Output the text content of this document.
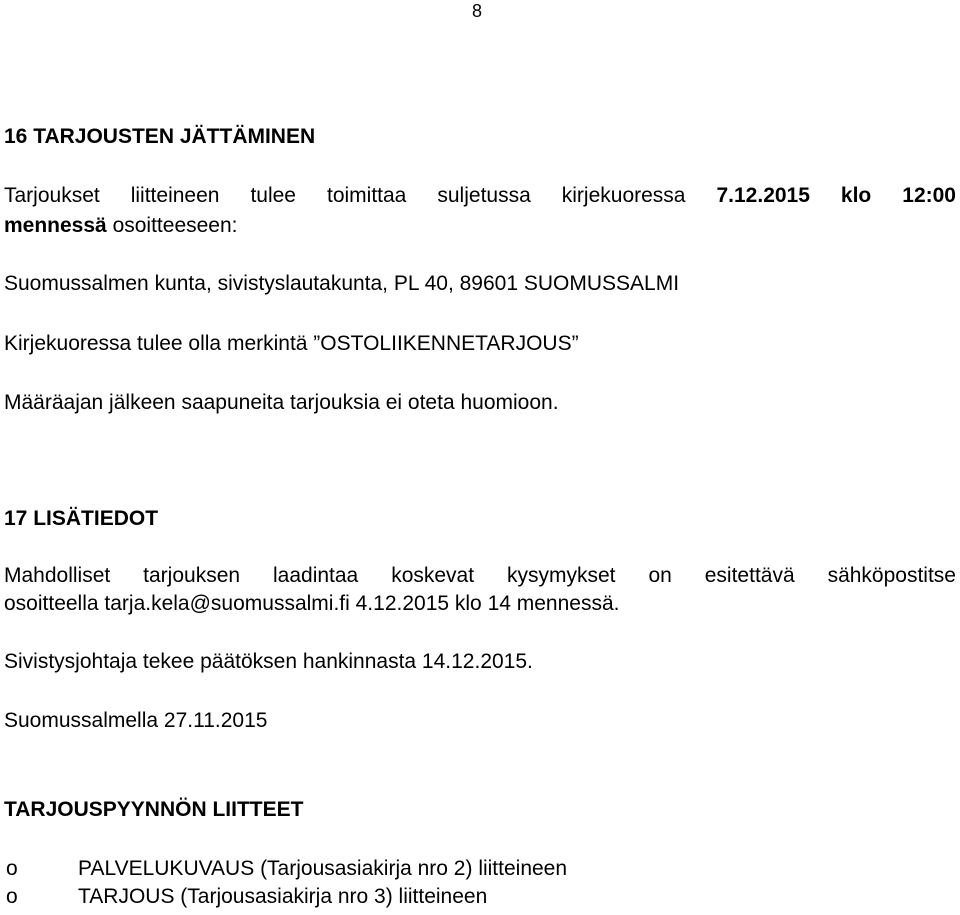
8
16 TARJOUSTEN JÄTTÄMINEN
Tarjoukset liitteineen tulee toimittaa suljetussa kirjekuoressa 7.12.2015 klo 12:00
mennessä osoitteeseen:
Suomussalmen kunta, sivistyslautakunta, PL 40, 89601 SUOMUSSALMI
Kirjekuoressa tulee olla merkintä ”OSTOLIIKENNETARJOUS”
Määräajan jälkeen saapuneita tarjouksia ei oteta huomioon.
17 LISÄTIEDOT
Mahdolliset tarjouksen laadintaa koskevat kysymykset on esitettävä sähköpostitse
osoitteella tarja.kela@suomussalmi.fi 4.12.2015 klo 14 mennessä.
Sivistysjohtaja tekee päätöksen hankinnasta 14.12.2015.
Suomussalmella 27.11.2015
TARJOUSPYYNNÖN LIITTEET
o	PALVELUKUVAUS (Tarjousasiakirja nro 2) liitteineen
o	TARJOUS (Tarjousasiakirja nro 3) liitteineen
